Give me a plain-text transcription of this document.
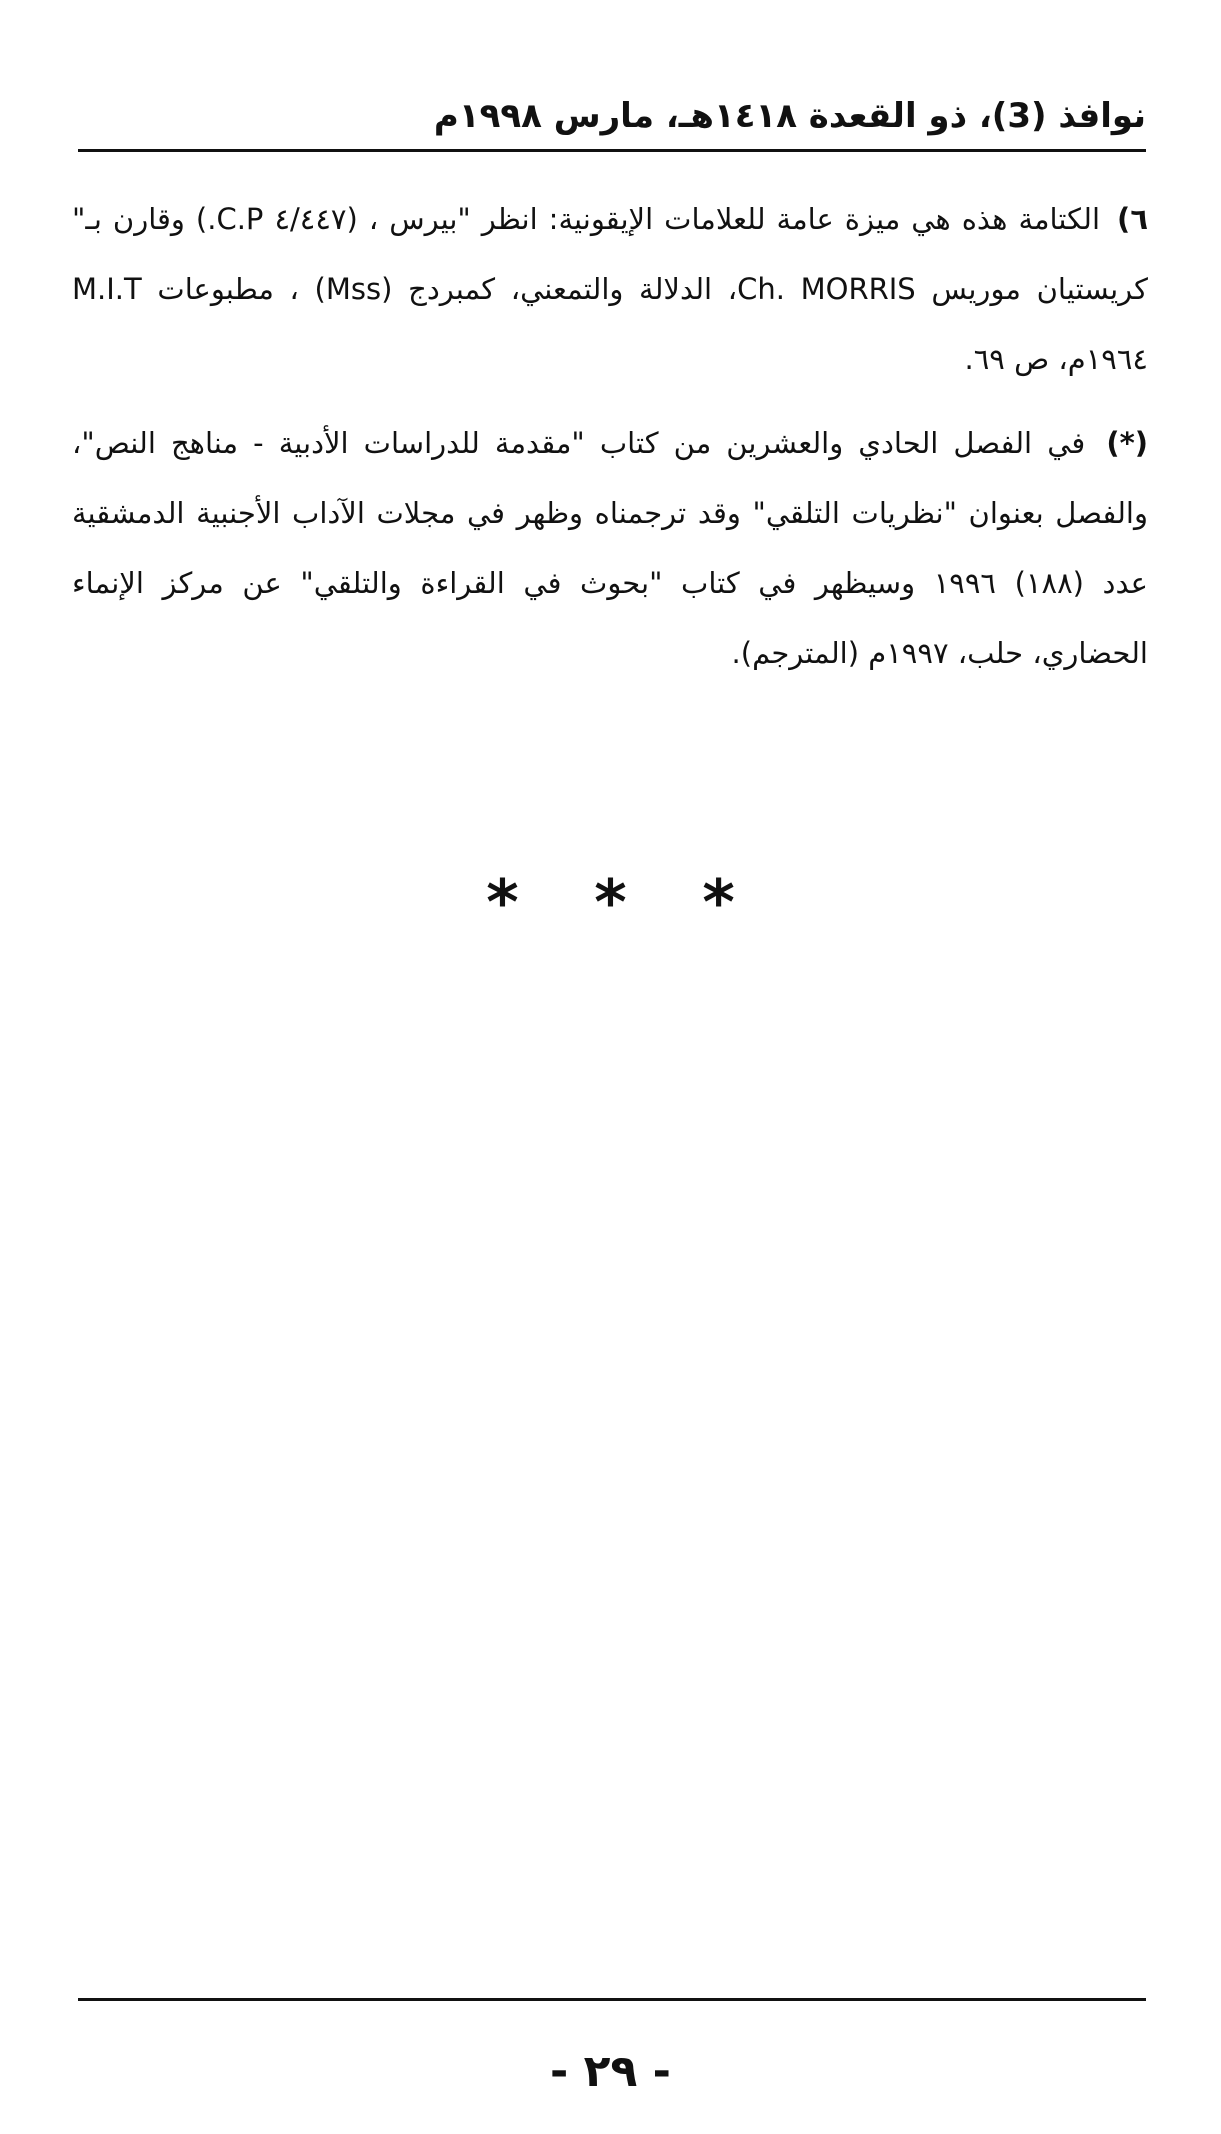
نوافذ (3)، ذو القعدة ١٤١٨هـ، مارس ١٩٩٨م

٦) الكتامة هذه هي ميزة عامة للعلامات الإيقونية: انظر "بيرس ، (٤/٤٤٧ C.P.) وقارن بـ" كريستيان موريس Ch. MORRIS، الدلالة والتمعني، كمبردج (Mss) ، مطبوعات M.I.T ١٩٦٤م، ص ٦٩.

(*) في الفصل الحادي والعشرين من كتاب "مقدمة للدراسات الأدبية - مناهج النص"، والفصل بعنوان "نظريات التلقي" وقد ترجمناه وظهر في مجلات الآداب الأجنبية الدمشقية عدد (١٨٨) ١٩٩٦ وسيظهر في كتاب "بحوث في القراءة والتلقي" عن مركز الإنماء الحضاري، حلب، ١٩٩٧م (المترجم).

* * *
- ٢٩ -
